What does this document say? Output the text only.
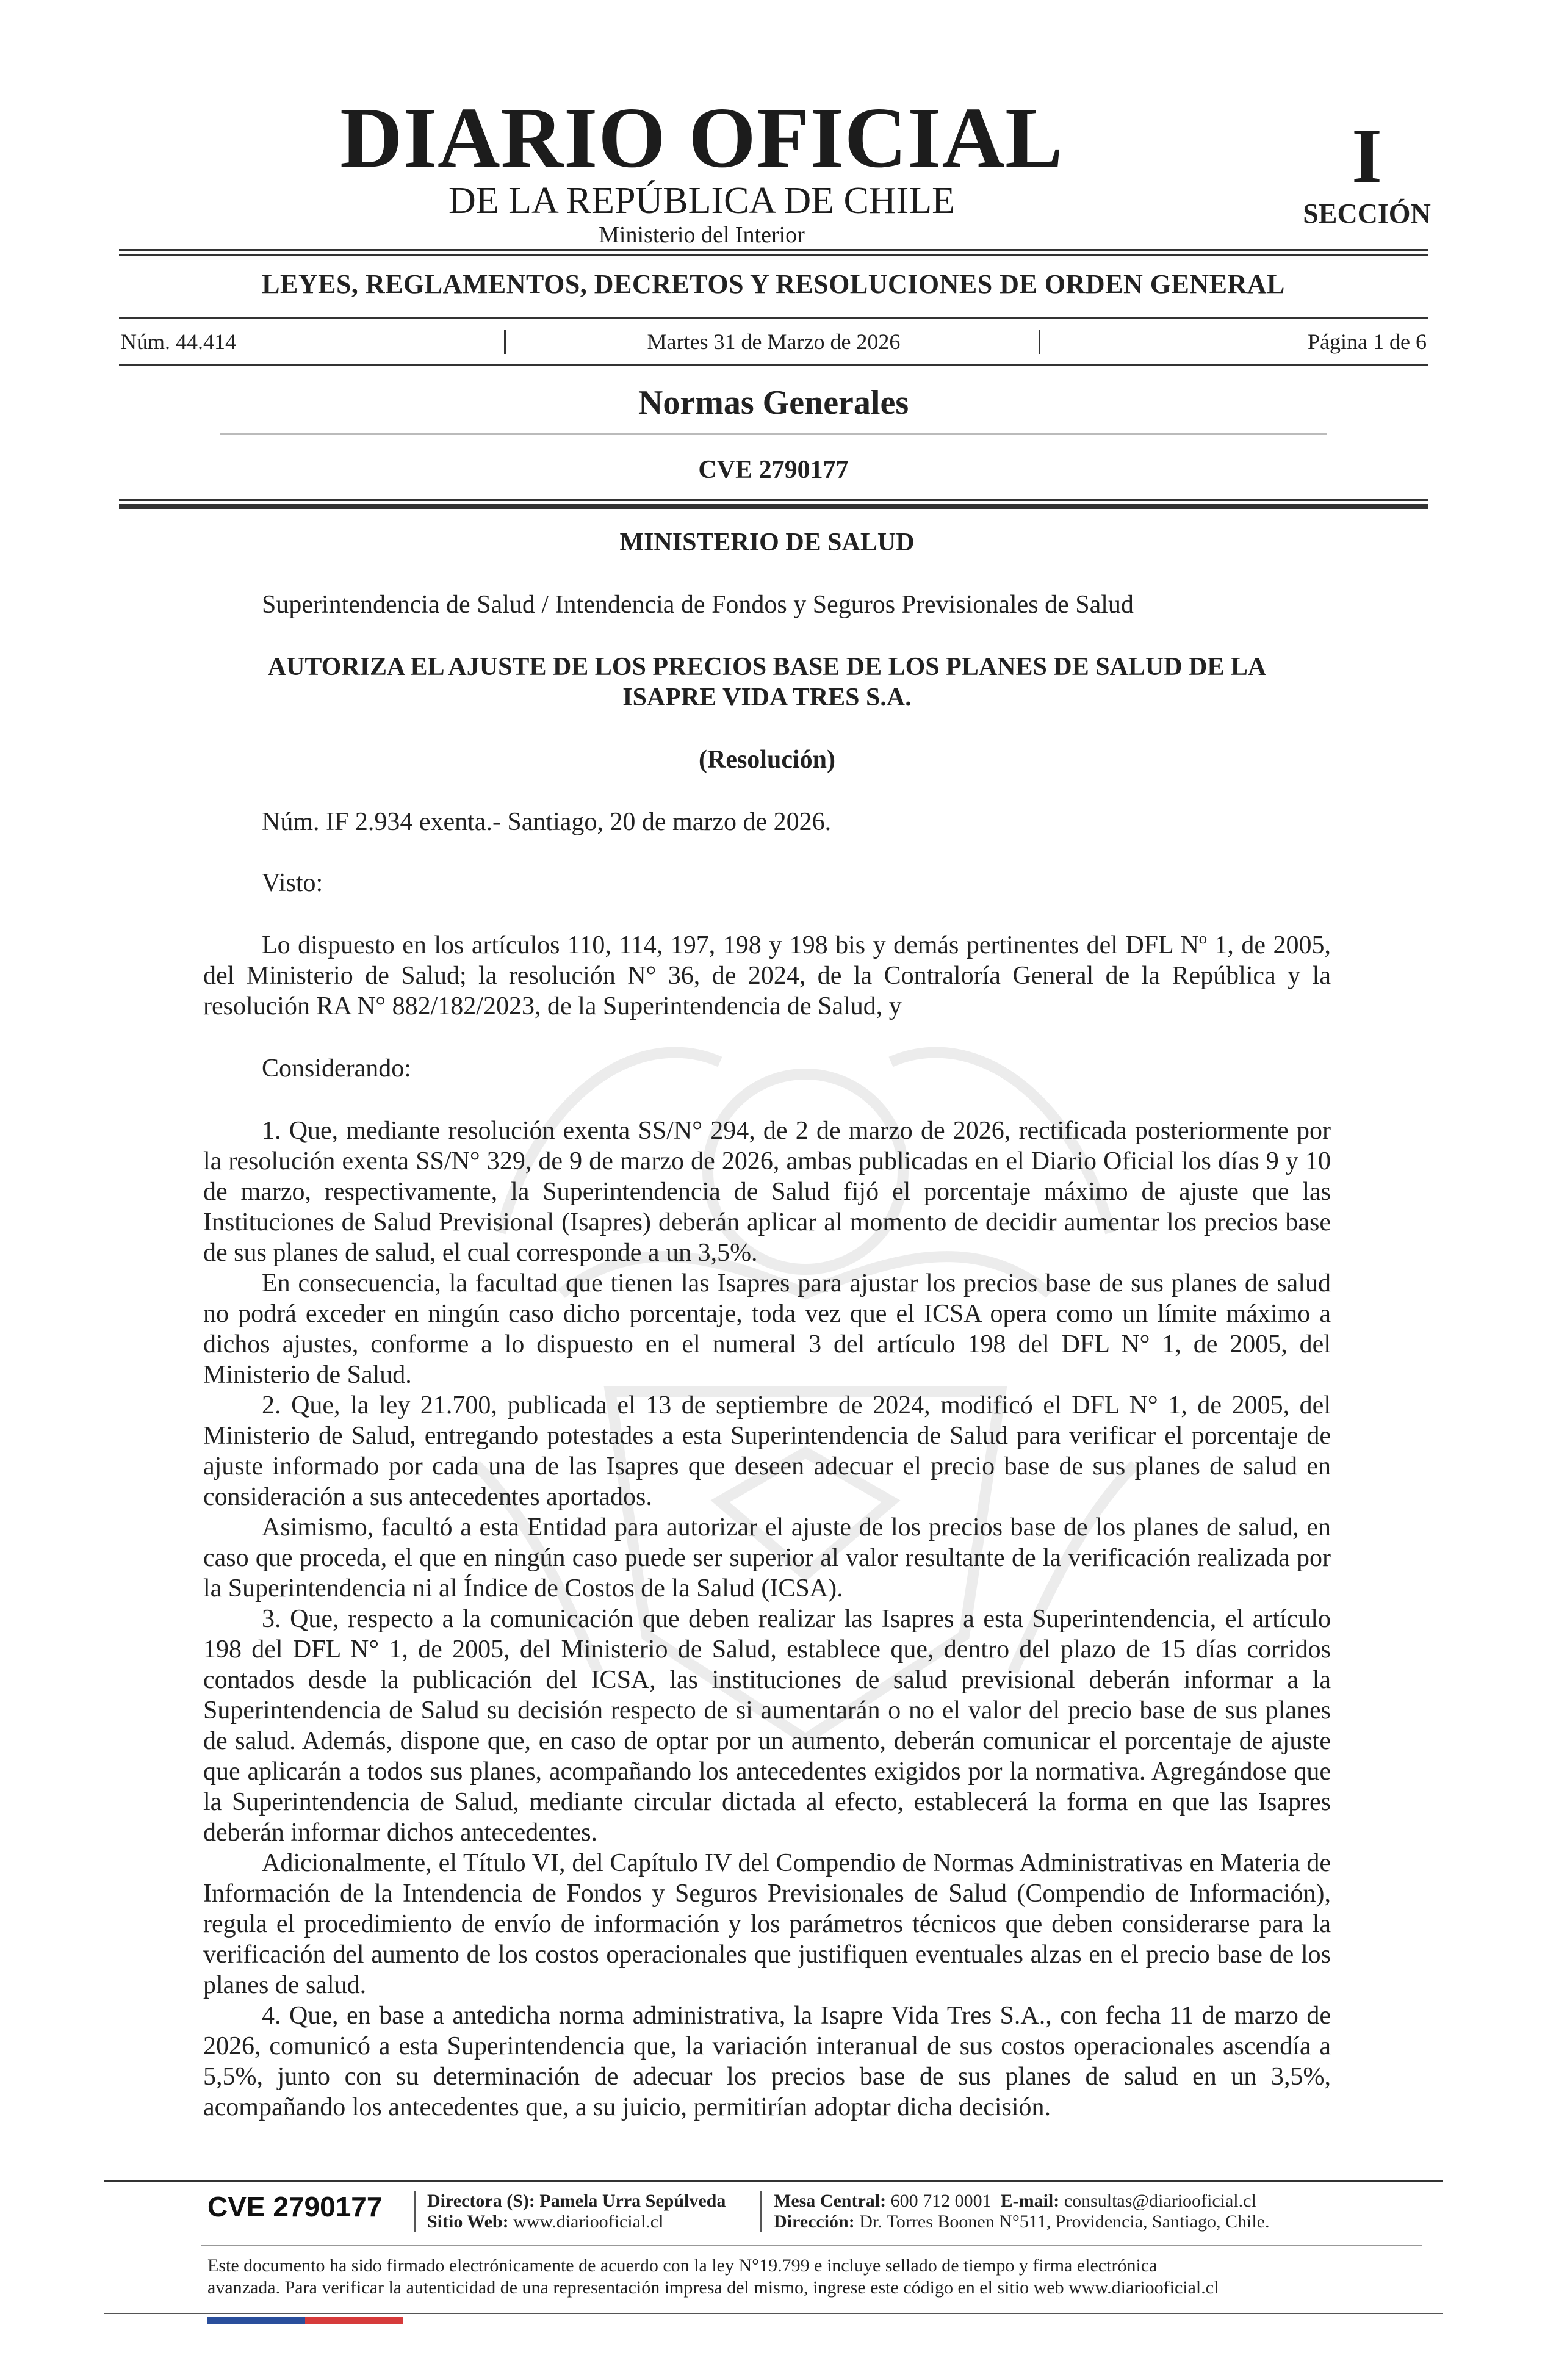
DIARIO OFICIAL
DE LA REPÚBLICA DE CHILE
Ministerio del Interior
I
SECCIÓN
LEYES, REGLAMENTOS, DECRETOS Y RESOLUCIONES DE ORDEN GENERAL
Núm. 44.414	Martes 31 de Marzo de 2026	Página 1 de 6
Normas Generales
CVE 2790177
MINISTERIO DE SALUD

Superintendencia de Salud / Intendencia de Fondos y Seguros Previsionales de Salud

AUTORIZA EL AJUSTE DE LOS PRECIOS BASE DE LOS PLANES DE SALUD DE LA
ISAPRE VIDA TRES S.A.
(Resolución)

Núm. IF 2.934 exenta.- Santiago, 20 de marzo de 2026.

Visto:

Lo dispuesto en los artículos 110, 114, 197, 198 y 198 bis y demás pertinentes del DFL Nº 1, de 2005, del Ministerio de Salud; la resolución N° 36, de 2024, de la Contraloría General de la República y la resolución RA N° 882/182/2023, de la Superintendencia de Salud, y

Considerando:

1. Que, mediante resolución exenta SS/N° 294, de 2 de marzo de 2026, rectificada posteriormente por la resolución exenta SS/N° 329, de 9 de marzo de 2026, ambas publicadas en el Diario Oficial los días 9 y 10 de marzo, respectivamente, la Superintendencia de Salud fijó el porcentaje máximo de ajuste que las Instituciones de Salud Previsional (Isapres) deberán aplicar al momento de decidir aumentar los precios base de sus planes de salud, el cual corresponde a un 3,5%.

En consecuencia, la facultad que tienen las Isapres para ajustar los precios base de sus planes de salud no podrá exceder en ningún caso dicho porcentaje, toda vez que el ICSA opera como un límite máximo a dichos ajustes, conforme a lo dispuesto en el numeral 3 del artículo 198 del DFL N° 1, de 2005, del Ministerio de Salud.

2. Que, la ley 21.700, publicada el 13 de septiembre de 2024, modificó el DFL N° 1, de 2005, del Ministerio de Salud, entregando potestades a esta Superintendencia de Salud para verificar el porcentaje de ajuste informado por cada una de las Isapres que deseen adecuar el precio base de sus planes de salud en consideración a sus antecedentes aportados.

Asimismo, facultó a esta Entidad para autorizar el ajuste de los precios base de los planes de salud, en caso que proceda, el que en ningún caso puede ser superior al valor resultante de la verificación realizada por la Superintendencia ni al Índice de Costos de la Salud (ICSA).

3. Que, respecto a la comunicación que deben realizar las Isapres a esta Superintendencia, el artículo 198 del DFL N° 1, de 2005, del Ministerio de Salud, establece que, dentro del plazo de 15 días corridos contados desde la publicación del ICSA, las instituciones de salud previsional deberán informar a la Superintendencia de Salud su decisión respecto de si aumentarán o no el valor del precio base de sus planes de salud. Además, dispone que, en caso de optar por un aumento, deberán comunicar el porcentaje de ajuste que aplicarán a todos sus planes, acompañando los antecedentes exigidos por la normativa. Agregándose que la Superintendencia de Salud, mediante circular dictada al efecto, establecerá la forma en que las Isapres deberán informar dichos antecedentes.

Adicionalmente, el Título VI, del Capítulo IV del Compendio de Normas Administrativas en Materia de Información de la Intendencia de Fondos y Seguros Previsionales de Salud (Compendio de Información), regula el procedimiento de envío de información y los parámetros técnicos que deben considerarse para la verificación del aumento de los costos operacionales que justifiquen eventuales alzas en el precio base de los planes de salud.

4. Que, en base a antedicha norma administrativa, la Isapre Vida Tres S.A., con fecha 11 de marzo de 2026, comunicó a esta Superintendencia que, la variación interanual de sus costos operacionales ascendía a 5,5%, junto con su determinación de adecuar los precios base de sus planes de salud en un 3,5%, acompañando los antecedentes que, a su juicio, permitirían adoptar dicha decisión.

CVE 2790177 Directora (S): Pamela Urra Sepúlveda
Sitio Web: www.diariooficial.cl
Mesa Central: 600 712 0001 E-mail: consultas@diariooficial.cl
Dirección: Dr. Torres Boonen N°511, Providencia, Santiago, Chile.
Este documento ha sido firmado electrónicamente de acuerdo con la ley N°19.799 e incluye sellado de tiempo y firma electrónica
avanzada. Para verificar la autenticidad de una representación impresa del mismo, ingrese este código en el sitio web www.diariooficial.cl
